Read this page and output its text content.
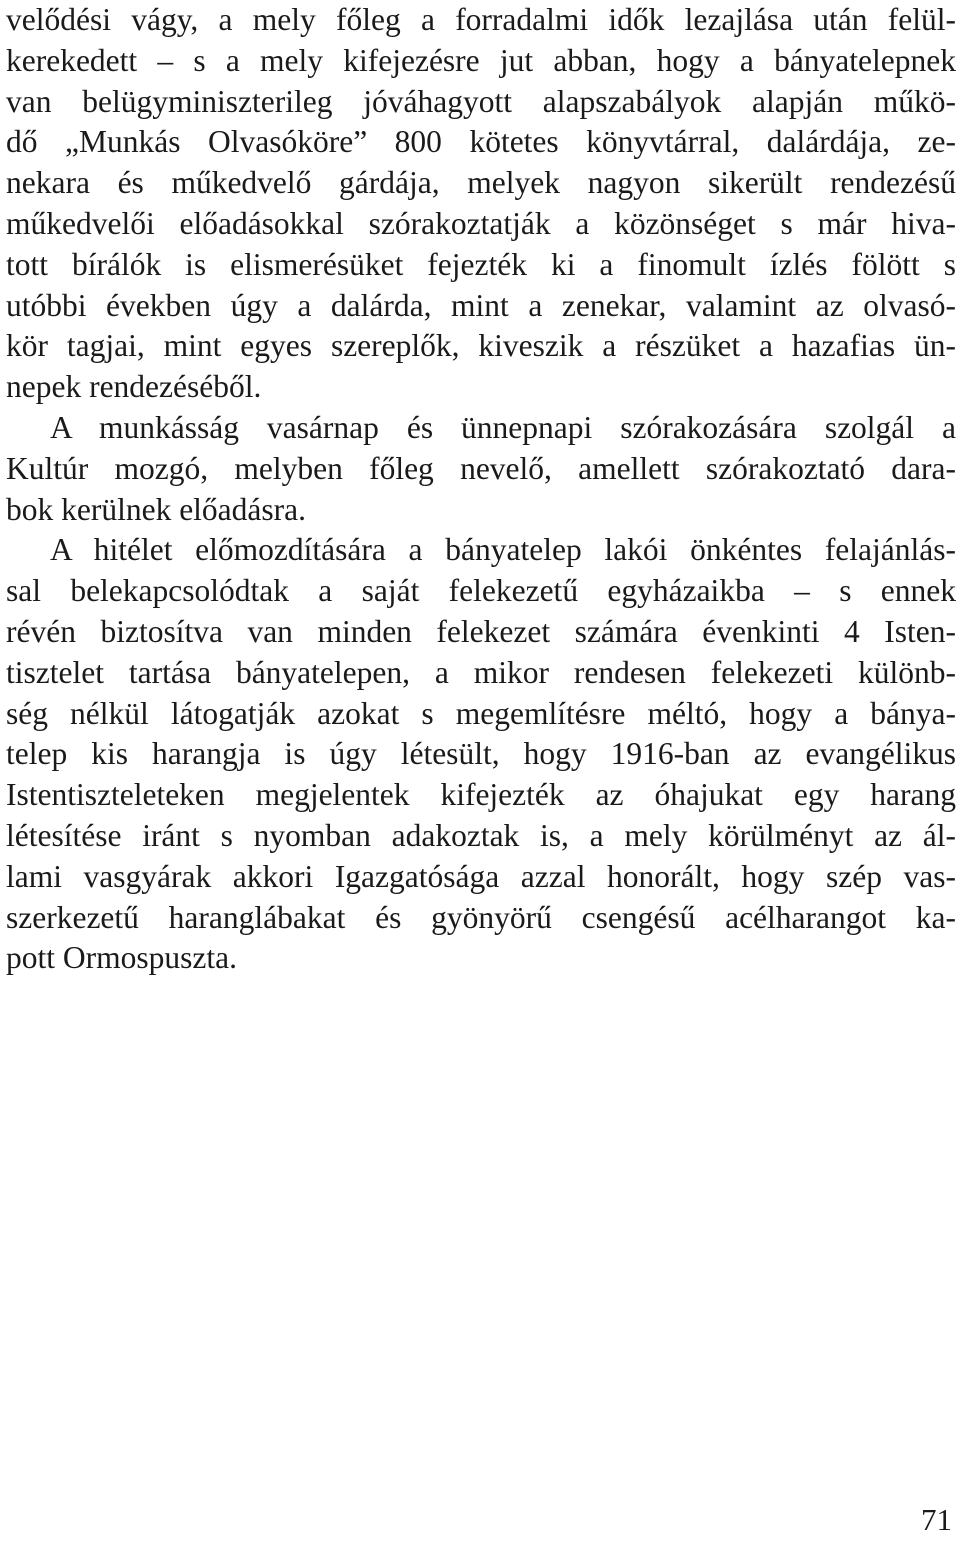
velődési vágy, a mely főleg a forradalmi idők lezajlása után felül-
kerekedett – s a mely kifejezésre jut abban, hogy a bányatelepnek
van belügyminiszterileg jóváhagyott alapszabályok alapján műkö-
dő „Munkás Olvasóköre” 800 kötetes könyvtárral, dalárdája, ze-
nekara és műkedvelő gárdája, melyek nagyon sikerült rendezésű
műkedvelői előadásokkal szórakoztatják a közönséget s már hiva-
tott bírálók is elismerésüket fejezték ki a finomult ízlés fölött s
utóbbi években úgy a dalárda, mint a zenekar, valamint az olvasó-
kör tagjai, mint egyes szereplők, kiveszik a részüket a hazafias ün-
nepek rendezéséből.
A munkásság vasárnap és ünnepnapi szórakozására szolgál a
Kultúr mozgó, melyben főleg nevelő, amellett szórakoztató dara-
bok kerülnek előadásra.
A hitélet előmozdítására a bányatelep lakói önkéntes felajánlás-
sal belekapcsolódtak a saját felekezetű egyházaikba – s ennek
révén biztosítva van minden felekezet számára évenkinti 4 Isten-
tisztelet tartása bányatelepen, a mikor rendesen felekezeti különb-
ség nélkül látogatják azokat s megemlítésre méltó, hogy a bánya-
telep kis harangja is úgy létesült, hogy 1916-ban az evangélikus
Istentiszteleteken megjelentek kifejezték az óhajukat egy harang
létesítése iránt s nyomban adakoztak is, a mely körülményt az ál-
lami vasgyárak akkori Igazgatósága azzal honorált, hogy szép vas-
szerkezetű haranglábakat és gyönyörű csengésű acélharangot ka-
pott Ormospuszta.
71
